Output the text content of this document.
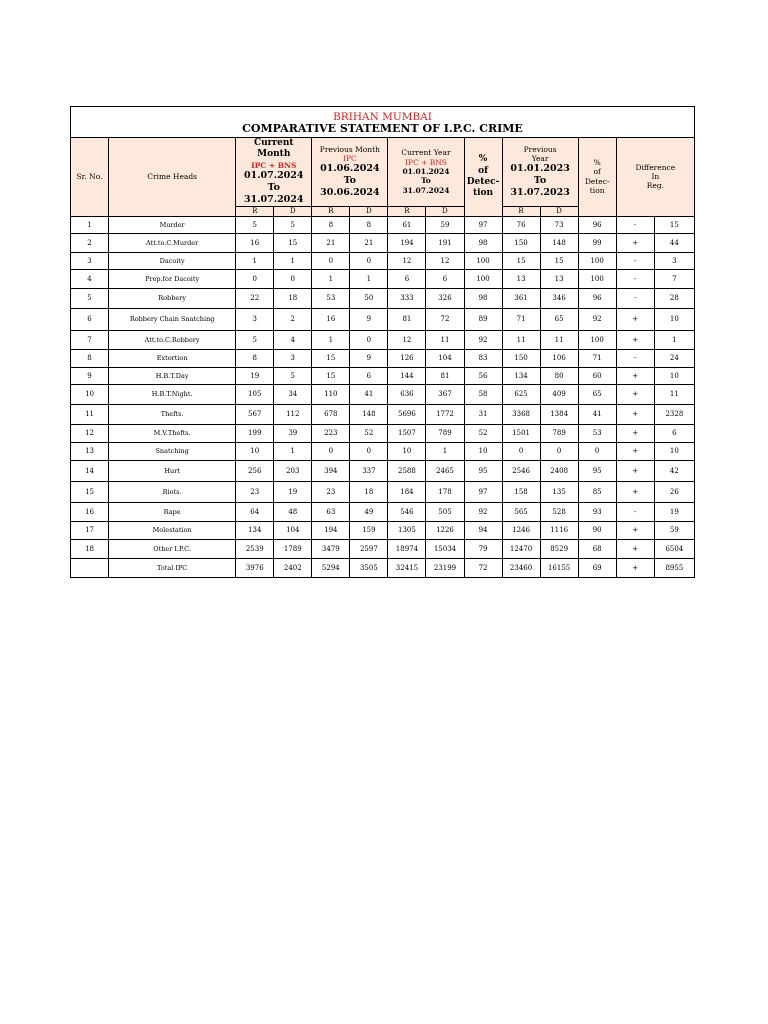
BRIHAN MUMBAI
COMPARATIVE STATEMENT OF I.P.C. CRIME													

Sr. No.	Crime Heads	Current Month
IPC + BNS
01.07.2024
To
31.07.2024		Previous Month
IPC
01.06.2024
To
30.06.2024		Current Year
IPC + BNS
01.01.2024
To
31.07.2024		%
of
Detec-
tion	Previous
Year
01.01.2023
To
31.07.2023		%
of
Detec-
tion	Difference
In
Reg.	

		R	D	R	D	R	D		R	D			
1	Murder	5	5	8	8	61	59	97	76	73	96	-	15
2	Att.to.C.Murder	16	15	21	21	194	191	98	150	148	99	+	44
3	Dacoity	1	1	0	0	12	12	100	15	15	100	-	3
4	Prep.for Dacoity	0	0	1	1	6	6	100	13	13	100	-	7
5	Robbery	22	18	53	50	333	326	98	361	346	96	-	28
6	Robbery Chain Snatching	3	2	16	9	81	72	89	71	65	92	+	10
7	Att.to.C.Robbery	5	4	1	0	12	11	92	11	11	100	+	1
8	Extortion	8	3	15	9	126	104	83	150	106	71	-	24
9	H.B.T.Day	19	5	15	6	144	81	56	134	80	60	+	10
10	H.B.T.Night.	105	34	110	41	636	367	58	625	409	65	+	11
11	Thefts.	567	112	678	148	5696	1772	31	3368	1384	41	+	2328
12	M.V.Thefts.	199	39	223	52	1507	789	52	1501	789	53	+	6
13	Snatching	10	1	0	0	10	1	10	0	0	0	+	10
14	Hurt	256	203	394	337	2588	2465	95	2546	2408	95	+	42
15	Riots.	23	19	23	18	184	178	97	158	135	85	+	26
16	Rape	64	48	63	49	546	505	92	565	528	93	-	19
17	Molestation	134	104	194	159	1305	1226	94	1246	1116	90	+	59
18	Other I.P.C.	2539	1789	3479	2597	18974	15034	79	12470	8529	68	+	6504
	Total IPC	3976	2402	5294	3505	32415	23199	72	23460	16155	69	+	8955
